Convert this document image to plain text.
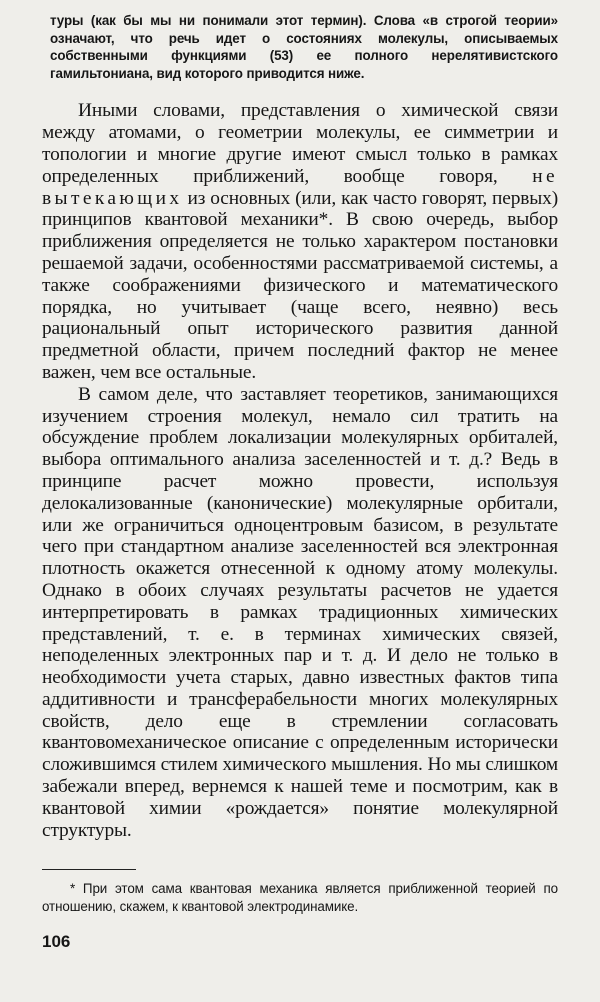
туры (как бы мы ни понимали этот термин). Слова «в строгой теории» означают, что речь идет о состояниях молекулы, описываемых собственными функциями (53) ее полного нерелятивистского гамильтониана, вид которого приводится ниже.

Иными словами, представления о химической связи между атомами, о геометрии молекулы, ее симметрии и топологии и многие другие имеют смысл только в рамках определенных приближений, вообще говоря, не вытекающих из основных (или, как часто говорят, первых) принципов квантовой механики*. В свою очередь, выбор приближения определяется не только характером постановки решаемой задачи, особенностями рассматриваемой системы, а также соображениями физического и математического порядка, но учитывает (чаще всего, неявно) весь рациональный опыт исторического развития данной предметной области, причем последний фактор не менее важен, чем все остальные.

В самом деле, что заставляет теоретиков, занимающихся изучением строения молекул, немало сил тратить на обсуждение проблем локализации молекулярных орбиталей, выбора оптимального анализа заселенностей и т. д.? Ведь в принципе расчет можно провести, используя делокализованные (канонические) молекулярные орбитали, или же ограничиться одноцентровым базисом, в результате чего при стандартном анализе заселенностей вся электронная плотность окажется отнесенной к одному атому молекулы. Однако в обоих случаях результаты расчетов не удается интерпретировать в рамках традиционных химических представлений, т. е. в терминах химических связей, неподеленных электронных пар и т. д. И дело не только в необходимости учета старых, давно известных фактов типа аддитивности и трансферабельности многих молекулярных свойств, дело еще в стремлении согласовать квантовомеханическое описание с определенным исторически сложившимся стилем химического мышления. Но мы слишком забежали вперед, вернемся к нашей теме и посмотрим, как в квантовой химии «рождается» понятие молекулярной структуры.

* При этом сама квантовая механика является приближенной теорией по отношению, скажем, к квантовой электродинамике.

106
